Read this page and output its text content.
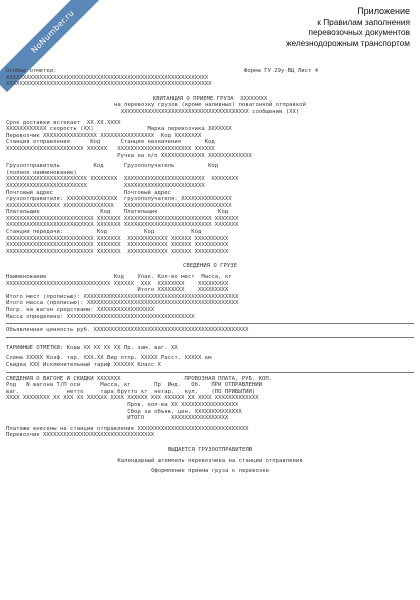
NoNumber.ru	Приложение
к Правилам заполнения
перевозочных документов
железнодорожным транспортом
Форма ГУ 29у-ВЦ Лист 4
Особые отметки:
XXXXXXXXXXXXXXXXXXXXXXXXXXXXXXXXXXXXXXXXXXXXXXXXXXXXXXXXXXXX
XXXXXXXXXXXXXXXXXXXXXXXXXXXXXXXXXXXXXXXXXXXXXXXXXXXXXXXXXXXXX
КВИТАНЦИЯ О ПРИЕМЕ ГРУЗА  XXXXXXXX
на перевозку грузов (кроме наливных) повагонной отправкой
XXXXXXXXXXXXXXXXXXXXXXXXXXXXXXXXXXXXXX сообщении (XX)
Срок доставки истекает  XX.XX.XXXX
XXXXXXXXXXXX скорость (XX)                Марка перевозчика XXXXXXX
Перевозчик XXXXXXXXXXXXXXXX XXXXXXXXXXXXXXXX  Код XXXXXXXX
Станция отправления      Код      Станция назначения       Код
XXXXXXXXXXXXXXXXXXXXXXX XXXXXX   XXXXXXXXXXXXXXXXXXXXXX XXXXXX
Ручка на п/п XXXXXXXXXXXXX XXXXXXXXXXXXX
Грузоотправитель          Код      Грузополучатель          Код
(полное наименование)
XXXXXXXXXXXXXXXXXXXXXXXX XXXXXXXX  XXXXXXXXXXXXXXXXXXXXXXXX  XXXXXXXX
XXXXXXXXXXXXXXXXXXXXXXXX           XXXXXXXXXXXXXXXXXXXXXXXX
Почтовый адрес                     Почтовый адрес
грузоотправителя: XXXXXXXXXXXXXXX  грузополучателя: XXXXXXXXXXXXXXX
XXXXXXXXXXXXXXXX XXXXXXXXXXXXXXX   XXXXXXXXXXXXXXXXXXXXXXXXXXXXXXXX
Плательщик                  Код    Плательщик                  Код
XXXXXXXXXXXXXXXXXXXXXXXXXX XXXXXXX XXXXXXXXXXXXXXXXXXXXXXXXXX XXXXXXX
XXXXXXXXXXXXXXXXXXXXXXXXXX XXXXXXX XXXXXXXXXXXXXXXXXXXXXXXXXX XXXXXXX
Станции передачи:          Код           Код           Код
XXXXXXXXXXXXXXXXXXXXXXXXXX XXXXXXX  XXXXXXXXXXXX XXXXXX XXXXXXXXXX
XXXXXXXXXXXXXXXXXXXXXXXXXX XXXXXXX  XXXXXXXXXXXX XXXXXX XXXXXXXXXX
XXXXXXXXXXXXXXXXXXXXXXXXXX XXXXXXX  XXXXXXXXXXXX XXXXXX XXXXXXXXXX
СВЕДЕНИЯ О ГРУЗЕ
Наименование                    Код    Упак. Кол-во мест  Масса, кг
XXXXXXXXXXXXXXXXXXXXXXXXXXXXXXX XXXXXX  XXX  XXXXXXXX    XXXXXXXXX
Итого XXXXXXXX    XXXXXXXXX
Итого мест (прописью): XXXXXXXXXXXXXXXXXXXXXXXXXXXXXXXXXXXXXXXXXXXXXX
Итого масса (прописью): XXXXXXXXXXXXXXXXXXXXXXXXXXXXXXXXXXXXXXXXXXXXX
Погр. на вагон средствами: XXXXXXXXXXXXXXXXX
Масса определена: XXXXXXXXXXXXXXXXXXXXXXXXXXXXXXXXXXXXXX
Объявленная ценность руб. XXXXXXXXXXXXXXXXXXXXXXXXXXXXXXXXXXXXXXXXXXXXXX
ТАРИФНЫЕ ОТМЕТКИ: Коды XX XX XX XX Пр. зам. ваг. XX
Схема XXXXX Коэф. тар. XXX.XX Вид отпр. XXXXX Расст. XXXXX км
Скидка XXX Исключительный тариф XXXXXX Класс X
СВЕДЕНИЯ О ВАГОНЕ И СКИДКИ XXXXXXX                   ПРОВОЗНАЯ ПЛАТА, РУБ. КОП.
Род   N вагона Т/П оси      Масса, кг       Пр  Инд.   Об.   ПРИ ОТПРАВЛЕНИИ
ваг.              нетто     тара брутто кт  нетар.   кул.    (ПО ПРИБЫТИИ)
XXXX XXXXXXXX XX XXX XX XXXXXX XXXX XXXXXX XXX XXXXXX XX XXXX XXXXXXXXXXXXX
Пров. кол-ва XX XXXXXXXXXXXXXXXXX
Сбор за объяв. цен. XXXXXXXXXXXXXX
ИТОГО        XXXXXXXXXXXXXXXXX
Платежи внесены на станции отправления XXXXXXXXXXXXXXXXXXXXXXXXXXXXXXXXX
Перевозчик XXXXXXXXXXXXXXXXXXXXXXXXXXXXXXXXX
ВЫДАЕТСЯ ГРУЗООТПРАВИТЕЛЮ
Календарный штемпель перевозчика на станции отправления
Оформление приема груза к перевозке
